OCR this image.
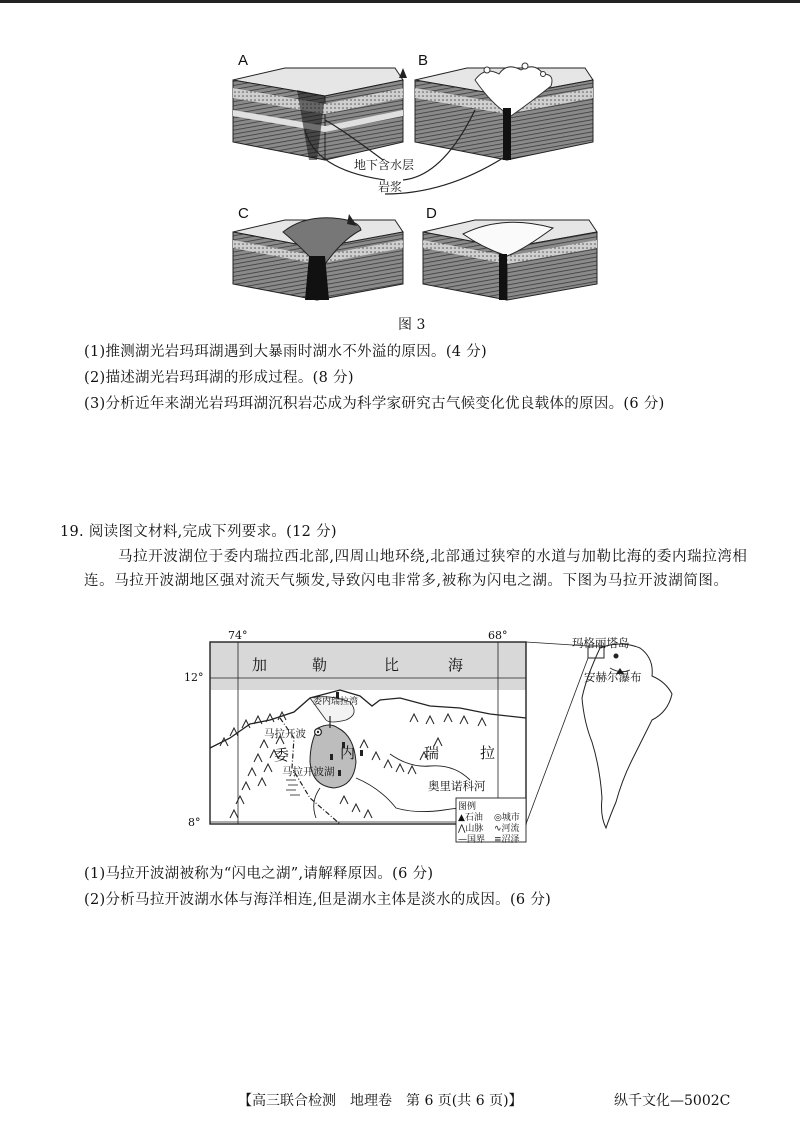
A	B
C	D
地下含水层
岩浆
图 3
(1)推测湖光岩玛珥湖遇到大暴雨时湖水不外溢的原因。(4 分)
(2)描述湖光岩玛珥湖的形成过程。(8 分)
(3)分析近年来湖光岩玛珥湖沉积岩芯成为科学家研究古气候变化优良载体的原因。(6 分)
19. 阅读图文材料,完成下列要求。(12 分)
马拉开波湖位于委内瑞拉西北部,四周山地环绕,北部通过狭窄的水道与加勒比海的委内瑞拉湾相连。马拉开波湖地区强对流天气频发,导致闪电非常多,被称为闪电之湖。下图为马拉开波湖简图。
74°	68°
12°
8°
加	勒	比	海
委内瑞拉湾
马拉开波
马拉开波湖
委	内	瑞	拉
奥里诺科河
图例
▲石油 ◎城市
⋀山脉 ∿河流
—国界 ≡沼泽
玛格丽塔岛
安赫尔瀑布
(1)马拉开波湖被称为“闪电之湖”,请解释原因。(6 分)
(2)分析马拉开波湖水体与海洋相连,但是湖水主体是淡水的成因。(6 分)
【高三联合检测　地理卷　第 6 页(共 6 页)】	纵千文化—5002C
